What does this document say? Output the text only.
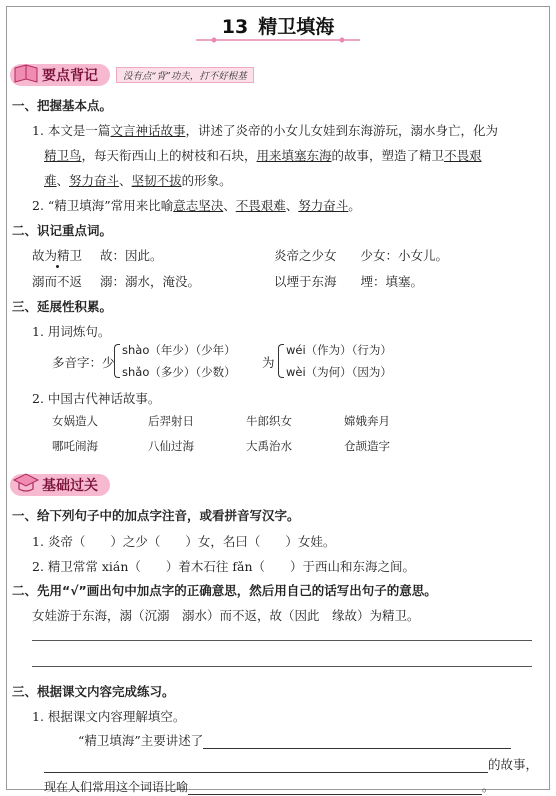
13 精卫填海
要点背记	没有点“背”功夫，打不好根基
一、把握基本点。
1. 本文是一篇文言神话故事，讲述了炎帝的小女儿女娃到东海游玩，溺水身亡，化为
精卫鸟，每天衔西山上的树枝和石块，用来填塞东海的故事，塑造了精卫不畏艰
难、努力奋斗、坚韧不拔的形象。
2. “精卫填海”常用来比喻意志坚决、不畏艰难、努力奋斗。
二、识记重点词。
故为精卫 故：因此。	炎帝之少女 少女：小女儿。
溺而不返 溺：溺水，淹没。	以堙于东海 堙：填塞。
三、延展性积累。
1. 用词炼句。
多音字：少
shào（年少）（少年）
shǎo（多少）（少数）
为
wéi（作为）（行为）
wèi（为何）（因为）
2. 中国古代神话故事。
女娲造人	后羿射日	牛郎织女	嫦娥奔月
哪吒闹海	八仙过海	大禹治水	仓颉造字
基础过关
一、给下列句子中的加点字注音，或看拼音写汉字。
1. 炎帝（　　）之少（　　）女，名曰（　　）女娃。
2. 精卫常常 xián（　　）着木石往 fǎn（　　）于西山和东海之间。
二、先用“√”画出句中加点字的正确意思，然后用自己的话写出句子的意思。
女娃游于东海，溺（沉溺　溺水）而不返，故（因此　缘故）为精卫。
三、根据课文内容完成练习。
1. 根据课文内容理解填空。
“精卫填海”主要讲述了
的故事，
现在人们常用这个词语比喻	。
